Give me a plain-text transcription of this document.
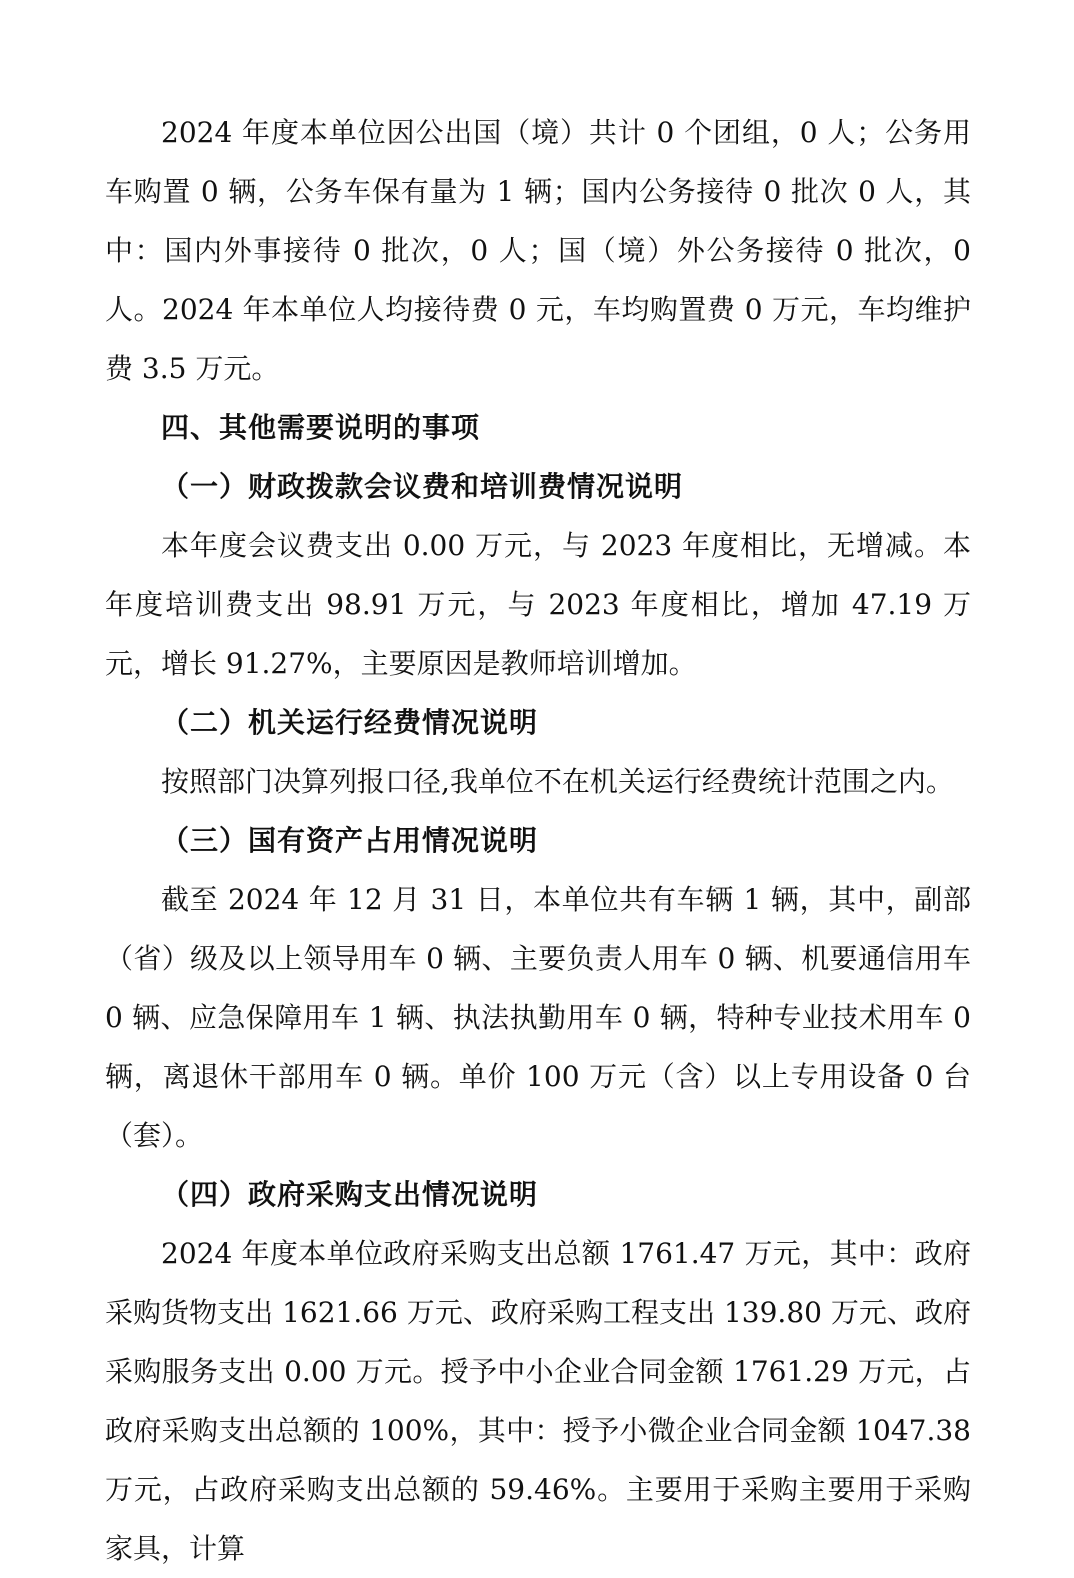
2024 年度本单位因公出国（境）共计 0 个团组，0 人；公务用车购置 0 辆，公务车保有量为 1 辆；国内公务接待 0 批次 0 人，其中：国内外事接待 0 批次，0 人；国（境）外公务接待 0 批次，0 人。2024 年本单位人均接待费 0 元，车均购置费 0 万元，车均维护费 3.5 万元。

四、其他需要说明的事项

（一）财政拨款会议费和培训费情况说明

本年度会议费支出 0.00 万元，与 2023 年度相比，无增减。本年度培训费支出 98.91 万元，与 2023 年度相比，增加 47.19 万元，增长 91.27%，主要原因是教师培训增加。

（二）机关运行经费情况说明

按照部门决算列报口径,我单位不在机关运行经费统计范围之内。

（三）国有资产占用情况说明

截至 2024 年 12 月 31 日，本单位共有车辆 1 辆，其中，副部（省）级及以上领导用车 0 辆、主要负责人用车 0 辆、机要通信用车 0 辆、应急保障用车 1 辆、执法执勤用车 0 辆，特种专业技术用车 0 辆，离退休干部用车 0 辆。单价 100 万元（含）以上专用设备 0 台（套）。

（四）政府采购支出情况说明

2024 年度本单位政府采购支出总额 1761.47 万元，其中：政府采购货物支出 1621.66 万元、政府采购工程支出 139.80 万元、政府采购服务支出 0.00 万元。授予中小企业合同金额 1761.29 万元，占政府采购支出总额的 100%，其中：授予小微企业合同金额 1047.38 万元，占政府采购支出总额的 59.46%。主要用于采购主要用于采购家具，计算
